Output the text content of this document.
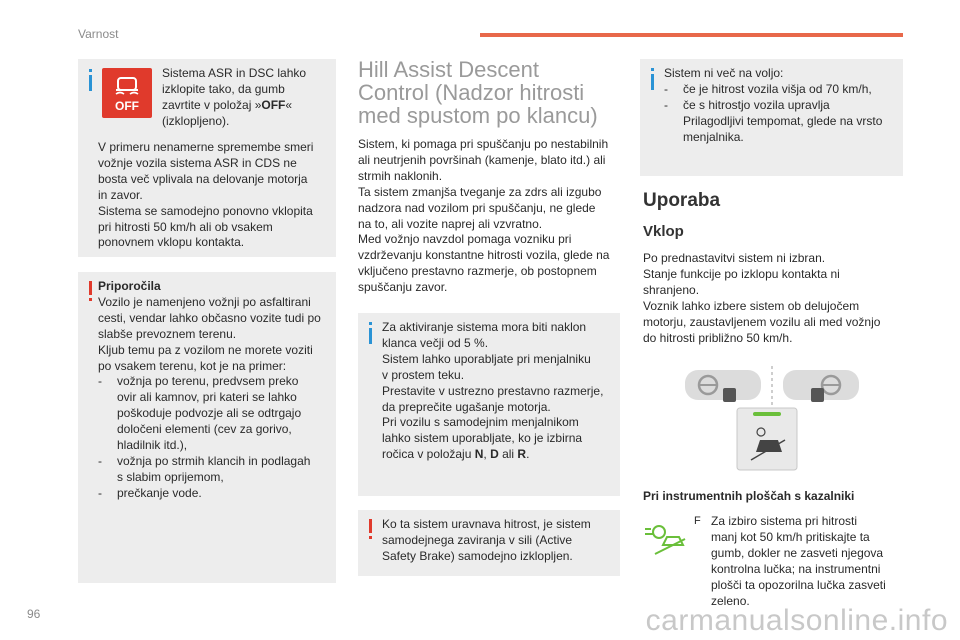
Varnost
OFF

Sistema ASR in DSC lahko

izklopite tako, da gumb

zavrtite v položaj »OFF«

(izklopljeno).

V primeru nenamerne spremembe smeri

vožnje vozila sistema ASR in CDS ne

bosta več vplivala na delovanje motorja

in zavor.

Sistema se samodejno ponovno vklopita

pri hitrosti 50 km/h ali ob vsakem

ponovnem vklopu kontakta.

Priporočila

Vozilo je namenjeno vožnji po asfaltirani

cesti, vendar lahko občasno vozite tudi po

slabše prevoznem terenu.

Kljub temu pa z vozilom ne morete voziti

po vsakem terenu, kot je na primer:

- vožnja po terenu, predvsem preko

ovir ali kamnov, pri kateri se lahko

poškoduje podvozje ali se odtrgajo

določeni elementi (cev za gorivo,

hladilnik itd.),

- vožnja po strmih klancih in podlagah

s slabim oprijemom,

- prečkanje vode.

Hill Assist Descent
Control (Nadzor hitrosti
med spustom po klancu)

Sistem, ki pomaga pri spuščanju po nestabilnih

ali neutrjenih površinah (kamenje, blato itd.) ali

strmih naklonih.

Ta sistem zmanjša tveganje za zdrs ali izgubo

nadzora nad vozilom pri spuščanju, ne glede

na to, ali vozite naprej ali vzvratno.

Med vožnjo navzdol pomaga vozniku pri

vzdrževanju konstantne hitrosti vozila, glede na

vključeno prestavno razmerje, ob postopnem

spuščanju zavor.

Za aktiviranje sistema mora biti naklon

klanca večji od 5 %.

Sistem lahko uporabljate pri menjalniku

v prostem teku.

Prestavite v ustrezno prestavno razmerje,

da preprečite ugašanje motorja.

Pri vozilu s samodejnim menjalnikom

lahko sistem uporabljate, ko je izbirna

ročica v položaju N, D ali R.

Ko ta sistem uravnava hitrost, je sistem

samodejnega zaviranja v sili (Active

Safety Brake) samodejno izklopljen.

Sistem ni več na voljo:

- če je hitrost vozila višja od 70 km/h,

- če s hitrostjo vozila upravlja

Prilagodljivi tempomat, glede na vrsto

menjalnika.

Uporaba
Vklop

Po prednastavitvi sistem ni izbran.

Stanje funkcije po izklopu kontakta ni

shranjeno.

Voznik lahko izbere sistem ob delujočem

motorju, zaustavljenem vozilu ali med vožnjo

do hitrosti približno 50 km/h.

Pri instrumentnih ploščah s kazalniki
F Za izbiro sistema pri hitrosti

manj kot 50 km/h pritiskajte ta

gumb, dokler ne zasveti njegova

kontrolna lučka; na instrumentni

plošči ta opozorilna lučka zasveti

zeleno.

96	carmanualsonline.info
